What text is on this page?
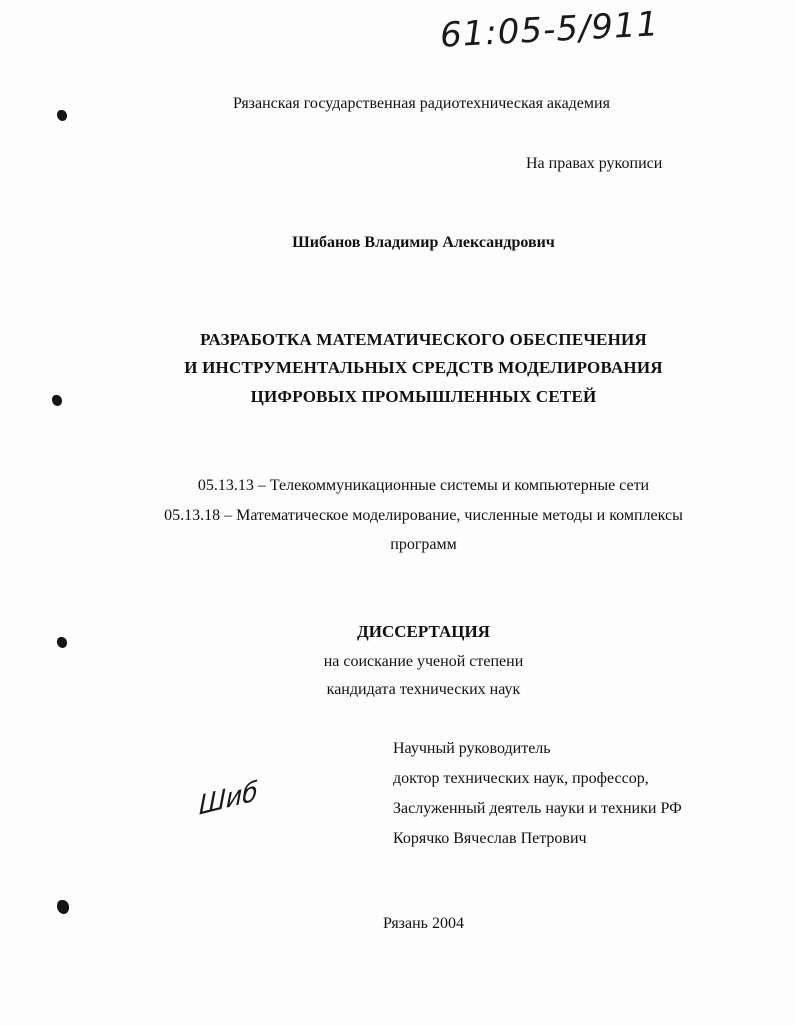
61:05-5/911
Рязанская государственная радиотехническая академия
На правах рукописи
Шибанов Владимир Александрович
РАЗРАБОТКА МАТЕМАТИЧЕСКОГО ОБЕСПЕЧЕНИЯ
И ИНСТРУМЕНТАЛЬНЫХ СРЕДСТВ МОДЕЛИРОВАНИЯ
ЦИФРОВЫХ ПРОМЫШЛЕННЫХ СЕТЕЙ
05.13.13 – Телекоммуникационные системы и компьютерные сети
05.13.18 – Математическое моделирование, численные методы и комплексы
программ
ДИССЕРТАЦИЯ
на соискание ученой степени
кандидата технических наук
Научный руководитель
доктор технических наук, профессор,
Заслуженный деятель науки и техники РФ
Корячко Вячеслав Петрович
Шиб
Рязань 2004
